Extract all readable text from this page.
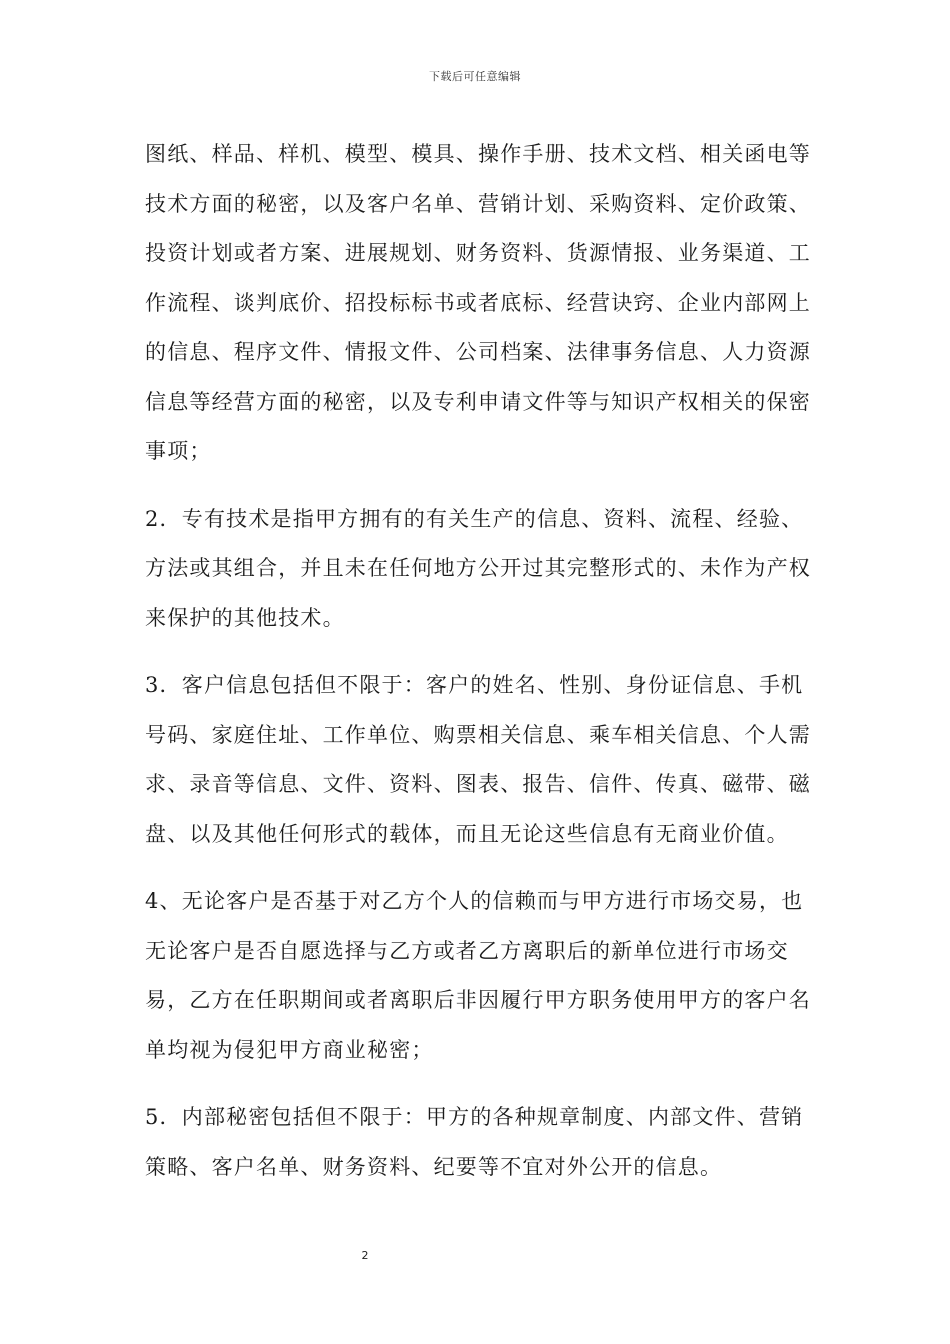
下载后可任意编辑

图纸、样品、样机、模型、模具、操作手册、技术文档、相关函电等技术方面的秘密，以及客户名单、营销计划、采购资料、定价政策、投资计划或者方案、进展规划、财务资料、货源情报、业务渠道、工作流程、谈判底价、招投标标书或者底标、经营诀窍、企业内部网上的信息、程序文件、情报文件、公司档案、法律事务信息、人力资源信息等经营方面的秘密，以及专利申请文件等与知识产权相关的保密事项；

2．专有技术是指甲方拥有的有关生产的信息、资料、流程、经验、方法或其组合，并且未在任何地方公开过其完整形式的、未作为产权来保护的其他技术。

3．客户信息包括但不限于：客户的姓名、性别、身份证信息、手机号码、家庭住址、工作单位、购票相关信息、乘车相关信息、个人需求、录音等信息、文件、资料、图表、报告、信件、传真、磁带、磁盘、以及其他任何形式的载体，而且无论这些信息有无商业价值。

4、无论客户是否基于对乙方个人的信赖而与甲方进行市场交易，也无论客户是否自愿选择与乙方或者乙方离职后的新单位进行市场交易，乙方在任职期间或者离职后非因履行甲方职务使用甲方的客户名单均视为侵犯甲方商业秘密；

5．内部秘密包括但不限于：甲方的各种规章制度、内部文件、营销策略、客户名单、财务资料、纪要等不宜对外公开的信息。

2
